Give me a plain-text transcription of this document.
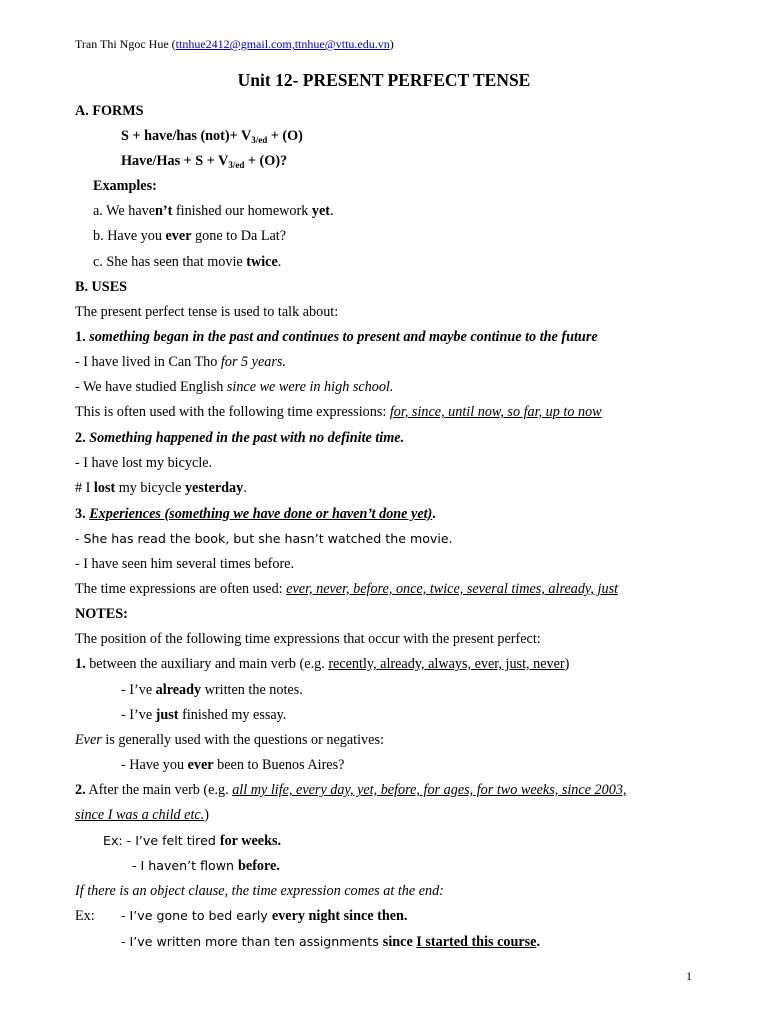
Tran Thi Ngoc Hue (ttnhue2412@gmail.com,ttnhue@vttu.edu.vn)
Unit 12- PRESENT PERFECT TENSE
A. FORMS
S + have/has $(not)+ V_{3/ed} + (O)$
Have/Has + $S + V_{3/ed} + (O)$?
Examples:
a. We haven’t finished our homework yet.
b. Have you ever gone to Da Lat?
c. She has seen that movie twice.
B. USES
The present perfect tense is used to talk about:
1. something began in the past and continues to present and maybe continue to the future
- I have lived in Can Tho for 5 years.
- We have studied English since we were in high school.
This is often used with the following time expressions: for, since, until now, so far, up to now
2. Something happened in the past with no definite time.
- I have lost my bicycle.
# I lost my bicycle yesterday.
3. Experiences (something we have done or haven’t done yet).
- She has read the book, but she hasn’t watched the movie.
- I have seen him several times before.
The time expressions are often used: ever, never, before, once, twice, several times, already, just
NOTES:
The position of the following time expressions that occur with the present perfect:
1. between the auxiliary and main verb (e.g. recently, already, always, ever, just, never)
- I’ve already written the notes.
- I’ve just finished my essay.
Ever is generally used with the questions or negatives:
- Have you ever been to Buenos Aires?
2. After the main verb (e.g. all my life, every day, yet, before, for ages, for two weeks, since 2003,
since I was a child etc.)
Ex: - I’ve felt tired for weeks.
- I haven’t flown before.
If there is an object clause, the time expression comes at the end:
Ex: - I’ve gone to bed early every night since then.
- I’ve written more than ten assignments since I started this course.
1
